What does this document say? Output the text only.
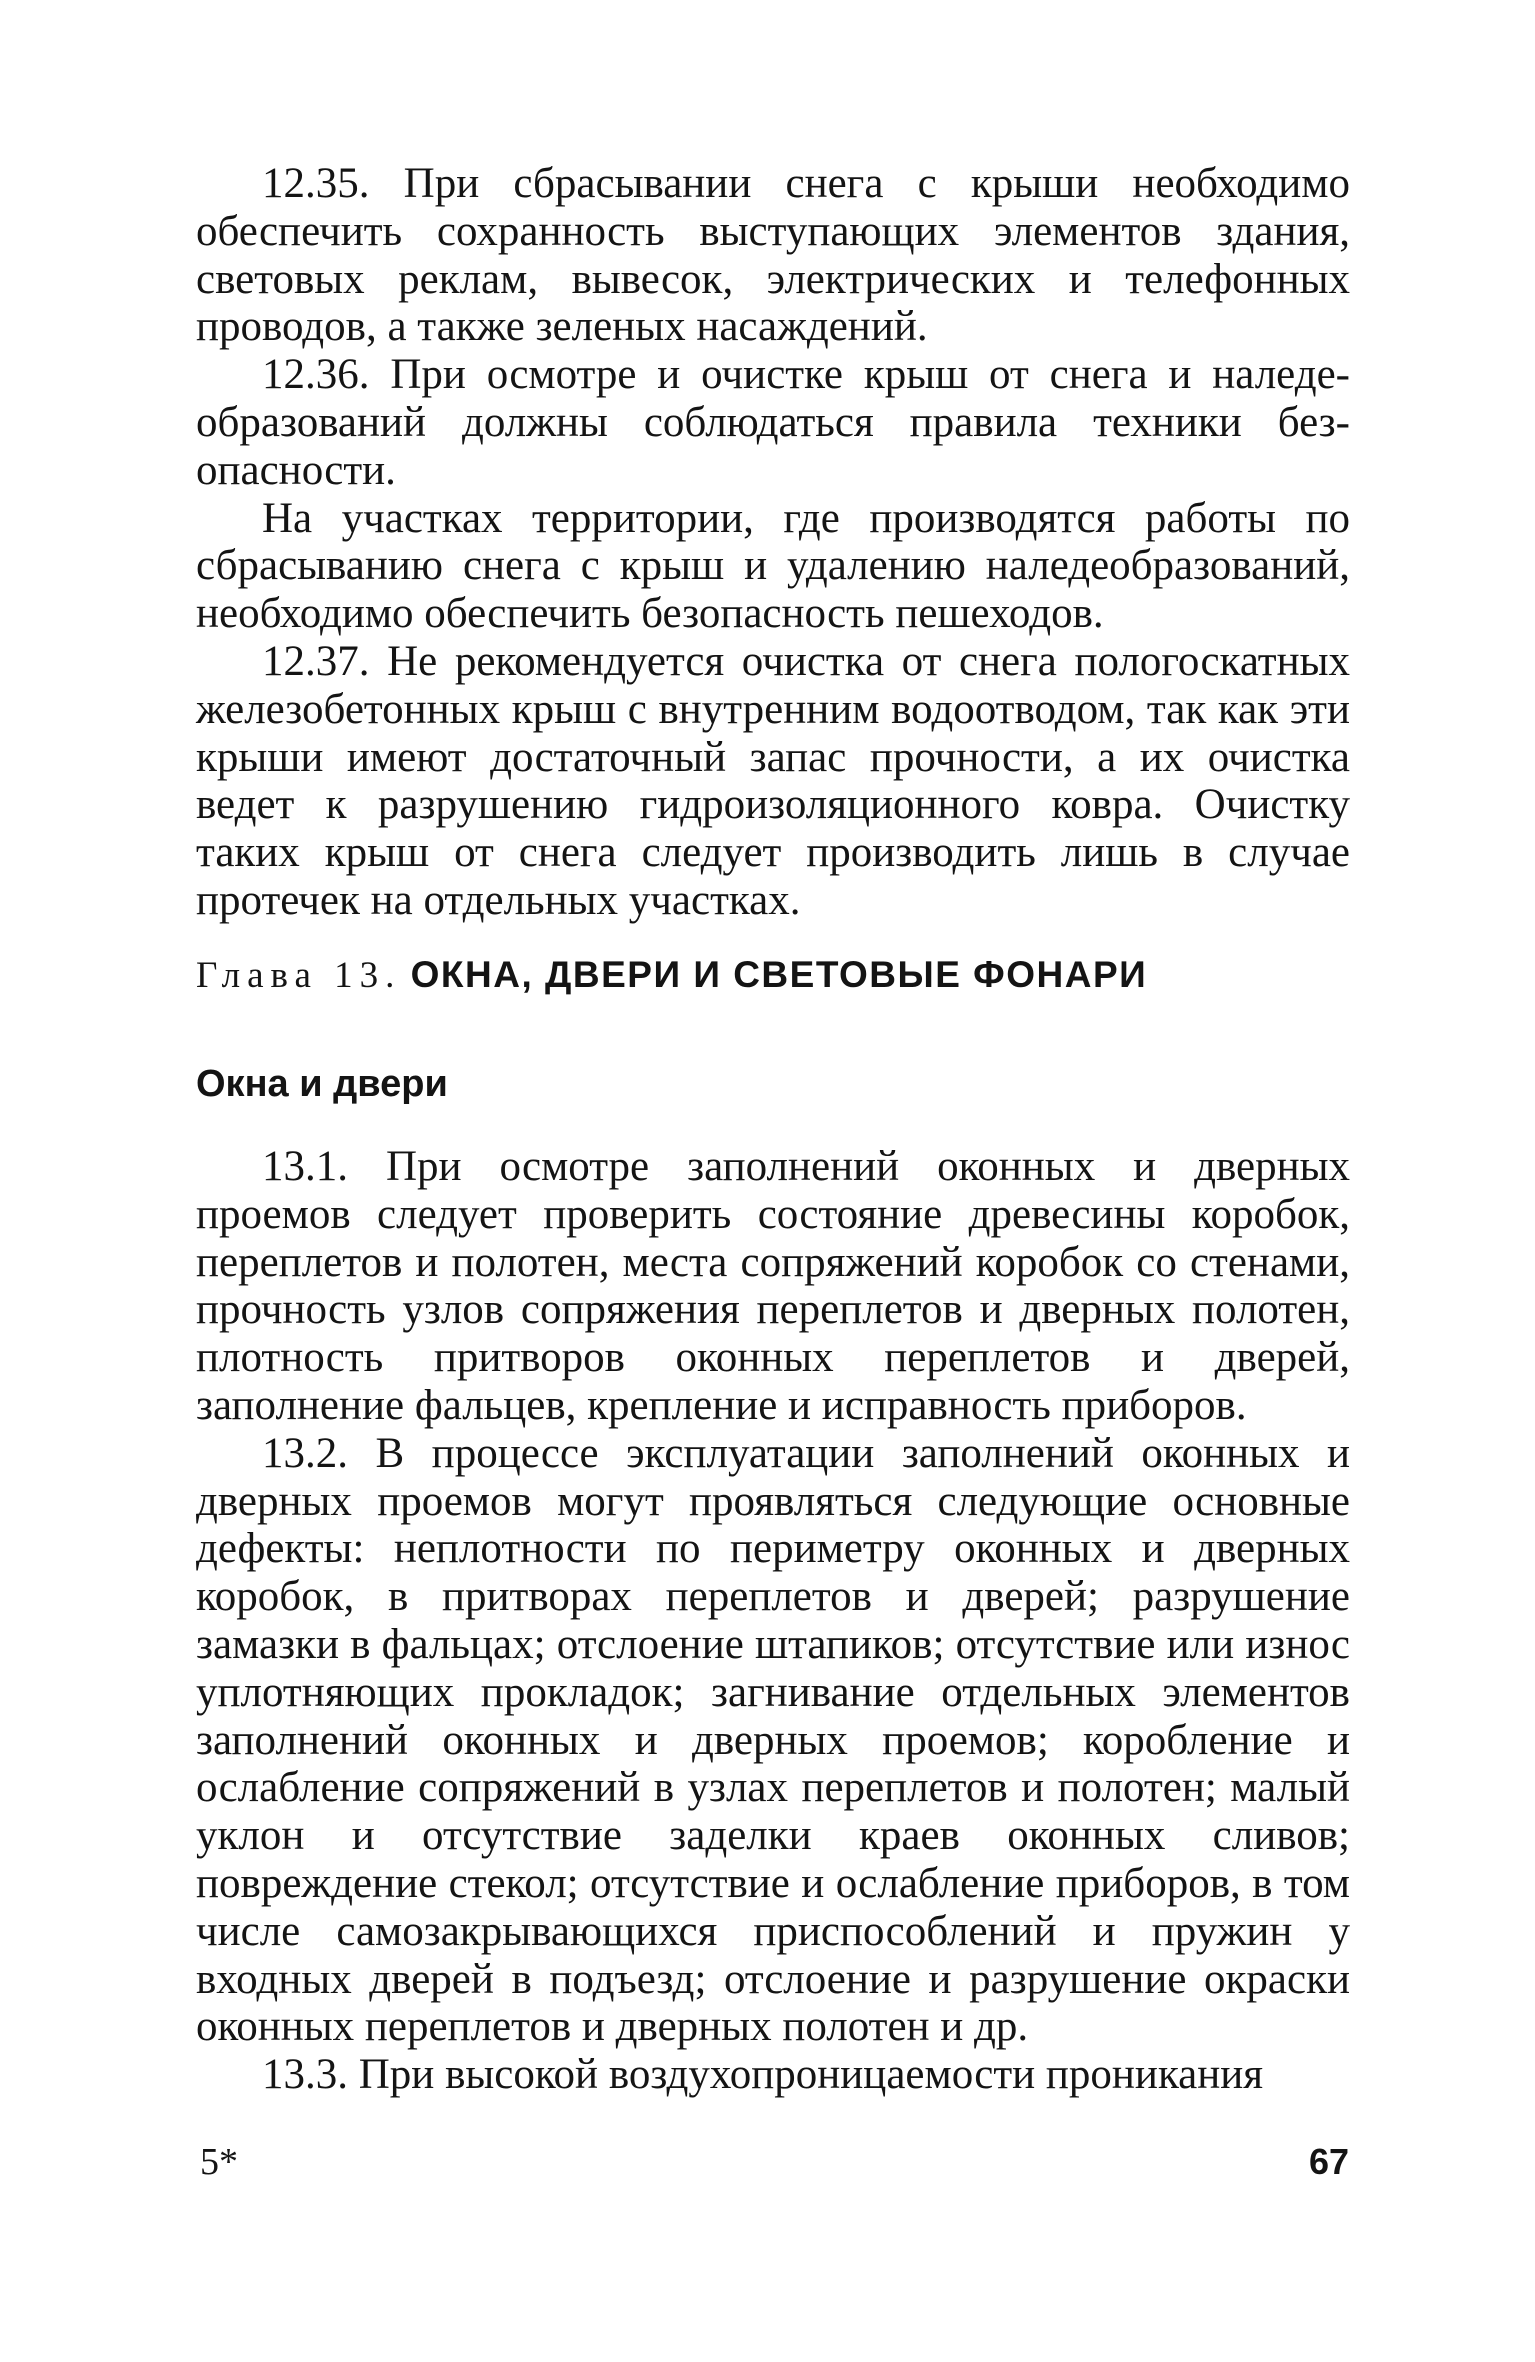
12.35. При сбрасывании снега с крыши необходимо обеспечить сохранность выступающих элементов здания, световых реклам, вывесок, электрических и телефонных проводов, а также зеленых насаждений.

12.36. При осмотре и очистке крыш от снега и наледеобразований должны соблюдаться правила техники безопасности.

На участках территории, где производятся работы по сбрасыванию снега с крыш и удалению наледеобразований, необходимо обеспечить безопасность пешеходов.

12.37. Не рекомендуется очистка от снега пологоскатных железобетонных крыш с внутренним водоотводом, так как эти крыши имеют достаточный запас прочности, а их очистка ведет к разрушению гидроизоляционного ковра. Очистку таких крыш от снега следует производить лишь в случае протечек на отдельных участках.

Глава 13. ОКНА, ДВЕРИ И СВЕТОВЫЕ ФОНАРИ
Окна и двери

13.1. При осмотре заполнений оконных и дверных проемов следует проверить состояние древесины коробок, переплетов и полотен, места сопряжений коробок со стенами, прочность узлов сопряжения переплетов и дверных полотен, плотность притворов оконных переплетов и дверей, заполнение фальцев, крепление и исправность приборов.

13.2. В процессе эксплуатации заполнений оконных и дверных проемов могут проявляться следующие основные дефекты: неплотности по периметру оконных и дверных коробок, в притворах переплетов и дверей; разрушение замазки в фальцах; отслоение штапиков; отсутствие или износ уплотняющих прокладок; загнивание отдельных элементов заполнений оконных и дверных проемов; коробление и ослабление сопряжений в узлах переплетов и полотен; малый уклон и отсутствие заделки краев оконных сливов; повреждение стекол; отсутствие и ослабление приборов, в том числе самозакрывающихся приспособлений и пружин у входных дверей в подъезд; отслоение и разрушение окраски оконных переплетов и дверных полотен и др.

13.3. При высокой воздухопроницаемости проникания

5*	67
